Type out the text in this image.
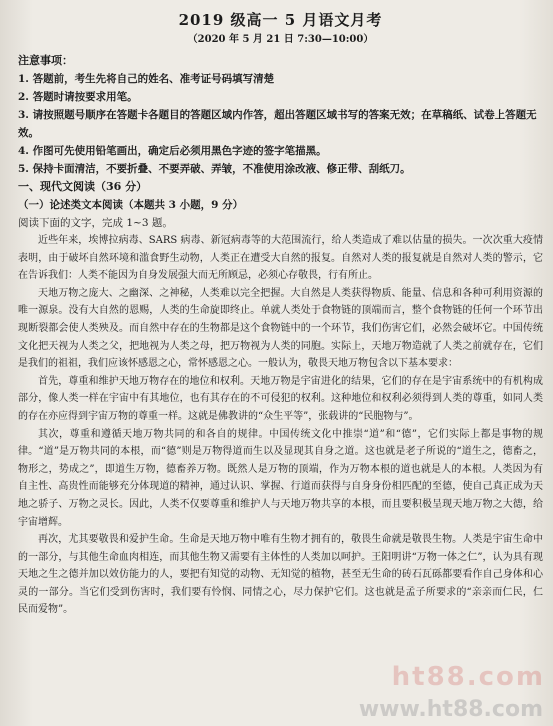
2019 级高一 5 月语文月考
（2020 年 5 月 21 日 7:30—10:00）
注意事项：
1. 答题前，考生先将自己的姓名、准考证号码填写清楚
2. 答题时请按要求用笔。
3. 请按照题号顺序在答题卡各题目的答题区域内作答，超出答题区域书写的答案无效；在草稿纸、试卷上答题无效。
4. 作图可先使用铅笔画出，确定后必须用黑色字迹的签字笔描黑。
5. 保持卡面清洁，不要折叠、不要弄破、弄皱，不准使用涂改液、修正带、刮纸刀。
一、现代文阅读（36 分）
（一）论述类文本阅读（本题共 3 小题，9 分）
阅读下面的文字，完成 1~3 题。

近些年来，埃博拉病毒、SARS 病毒、新冠病毒等的大范围流行，给人类造成了难以估量的损失。一次次重大疫情表明，由于破坏自然环境和滥食野生动物，人类正在遭受大自然的报复。自然对人类的报复就是自然对人类的警示，它在告诉我们：人类不能因为自身发展强大而无所顾忌，必须心存敬畏，行有所止。

天地万物之庞大、之幽深、之神秘，人类难以完全把握。大自然是人类获得物质、能量、信息和各种可利用资源的唯一源泉。没有大自然的恩赐，人类的生命旋即终止。单就人类处于食物链的顶端而言，整个食物链的任何一个环节出现断裂都会使人类殃及。而自然中存在的生物都是这个食物链中的一个环节，我们伤害它们，必然会破坏它。中国传统文化把天视为人类之父，把地视为人类之母，把万物视为人类的同胞。实际上，天地万物造就了人类之前就存在，它们是我们的祖祖，我们应该怀感恩之心，常怀感恩之心。一般认为，敬畏天地万物包含以下基本要求：

首先，尊重和维护天地万物存在的地位和权利。天地万物是宇宙进化的结果，它们的存在是宇宙系统中的有机构成部分，像人类一样在宇宙中有其地位，也有其存在的不可侵犯的权利。这种地位和权利必须得到人类的尊重，如同人类的存在亦应得到宇宙万物的尊重一样。这就是佛教讲的“众生平等”，张载讲的“民胞物与”。

其次，尊重和遵循天地万物共同的和各自的规律。中国传统文化中推崇“道”和“德”，它们实际上都是事物的规律。“道”是万物共同的本根，而“德”则是万物得道而生以及显现其自身之道。这也就是老子所说的“道生之，德畜之，物形之，势成之”，即道生万物，德畜养万物。既然人是万物的顶端，作为万物本根的道也就是人的本根。人类因为有自主性、高贵性而能够充分体现道的精神，通过认识、掌握、行道而获得与自身身份相匹配的至德，使自己真正成为天地之骄子、万物之灵长。因此，人类不仅要尊重和维护人与天地万物共享的本根，而且要积极呈现天地万物之大德，给宇宙增辉。

再次，尤其要敬畏和爱护生命。生命是天地万物中唯有生物才拥有的，敬畏生命就是敬畏生物。人类是宇宙生命中的一部分，与其他生命血肉相连，而其他生物又需要有主体性的人类加以呵护。王阳明讲“万物一体之仁”，认为具有现天地之生之德并加以效仿能力的人，要把有知觉的动物、无知觉的植物，甚至无生命的砖石瓦砾都要看作自己身体和心灵的一部分。当它们受到伤害时，我们要有怜悯、同情之心，尽力保护它们。这也就是孟子所要求的“亲亲而仁民，仁民而爱物”。

ht88.com
www.ht88.com
